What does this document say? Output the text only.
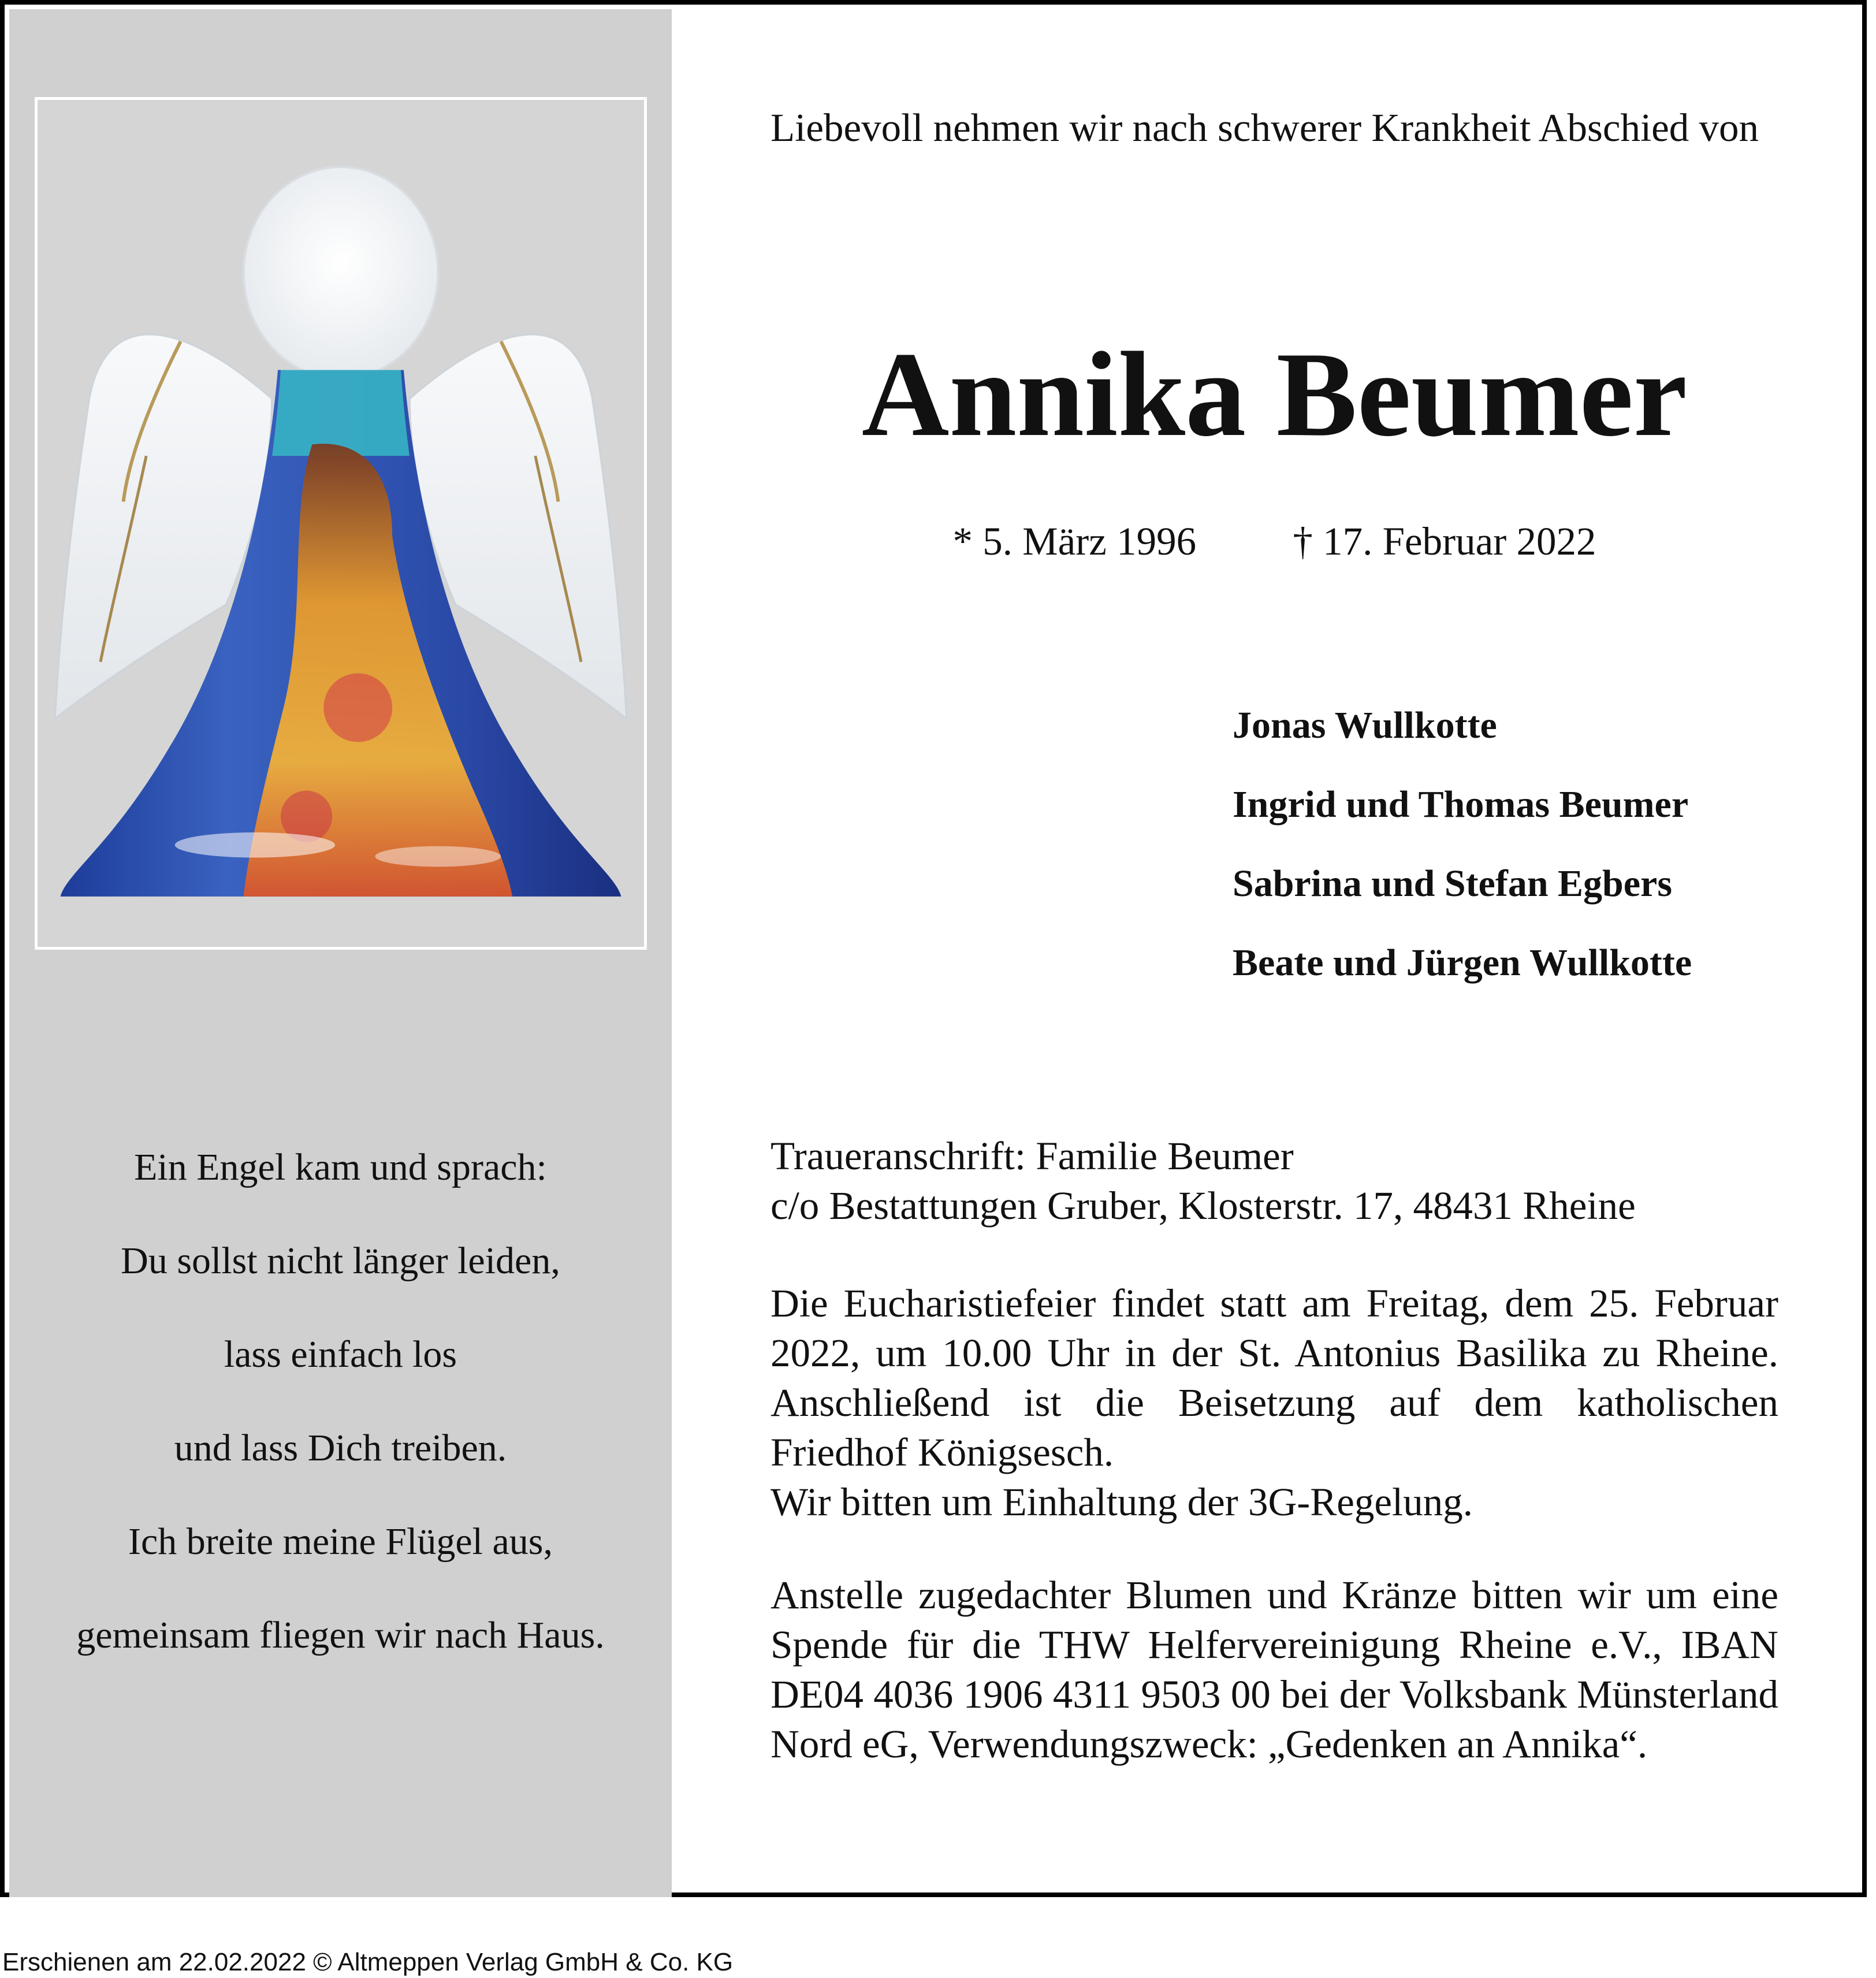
Ein Engel kam und sprach:
Du sollst nicht länger leiden,
lass einfach los
und lass Dich treiben.
Ich breite meine Flügel aus,
gemeinsam fliegen wir nach Haus.
Liebevoll nehmen wir nach schwerer Krankheit Abschied von
Annika Beumer
* 5. März 1996 † 17. Februar 2022
Jonas Wullkotte
Ingrid und Thomas Beumer
Sabrina und Stefan Egbers
Beate und Jürgen Wullkotte
Traueranschrift: Familie Beumer
c/o Bestattungen Gruber, Klosterstr. 17, 48431 Rheine
Die Eucharistiefeier findet statt am Freitag, dem 25. Februar 2022, um 10.00 Uhr in der St. Antonius Basilika zu Rheine. Anschließend ist die Beisetzung auf dem katholischen Friedhof Königsesch.
Wir bitten um Einhaltung der 3G-Regelung.
Anstelle zugedachter Blumen und Kränze bitten wir um eine Spende für die THW Helfervereinigung Rheine e.V., IBAN DE04 4036 1906 4311 9503 00 bei der Volksbank Münsterland Nord eG, Verwendungszweck: „Gedenken an Annika“.
Erschienen am 22.02.2022 © Altmeppen Verlag GmbH & Co. KG
